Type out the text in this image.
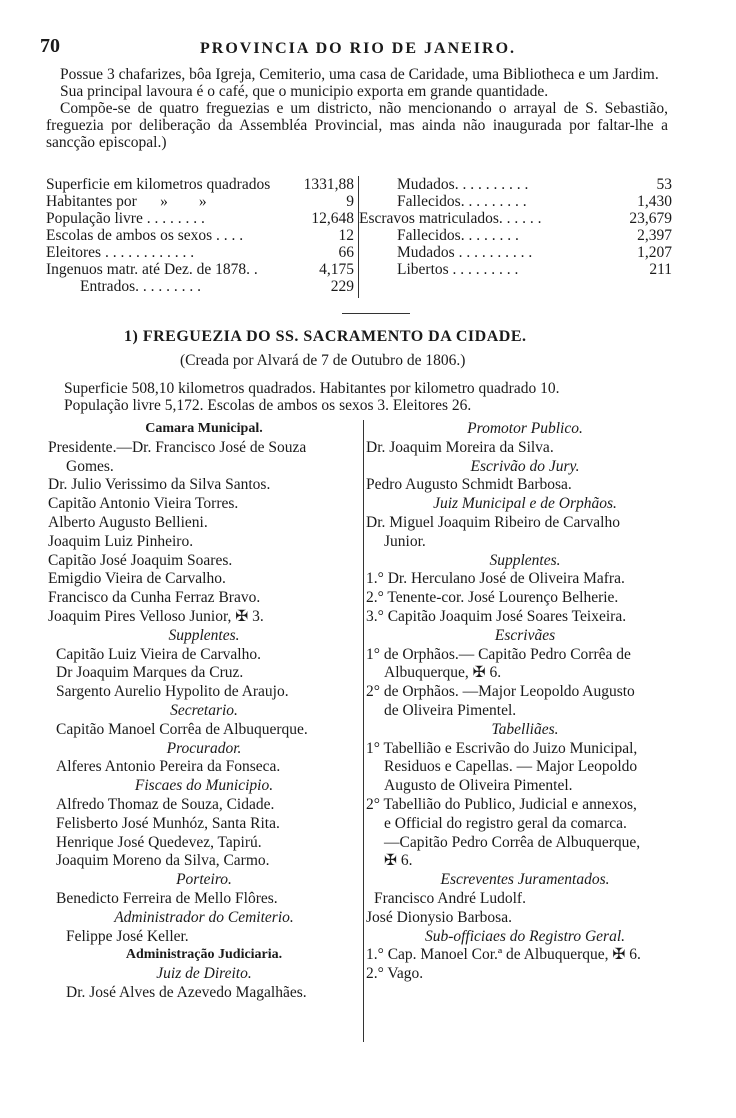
70	PROVINCIA DO RIO DE JANEIRO.

Possue 3 chafarizes, bôa Igreja, Cemiterio, uma casa de Caridade, uma Bibliotheca e um Jardim.

Sua principal lavoura é o café, que o municipio exporta em grande quantidade.

Compõe-se de quatro freguezias e um districto, não mencionando o arrayal de S. Sebastião, freguezia por deliberação da Assembléa Provincial, mas ainda não inaugurada por faltar-lhe a sancção episcopal.)

Superficie em kilometros quadrados 1331,88
Habitantes por      »        »	9
População livre . . . . . . . .	12,648
Escolas de ambos os sexos . . . .	12
Eleitores . . . . . . . . . . . .	66
Ingenuos matr. até Dez. de 1878. .	4,175
Entrados. . . . . . . . .	229
Mudados. . . . . . . . . .	53
Fallecidos. . . . . . . . .	1,430
Escravos matriculados. . . . . .	23,679
Fallecidos. . . . . . . .	2,397
Mudados . . . . . . . . . .	1,207
Libertos . . . . . . . . .	211
1) FREGUEZIA DO SS. SACRAMENTO DA CIDADE.
(Creada por Alvará de 7 de Outubro de 1806.)

Superficie 508,10 kilometros quadrados. Habitantes por kilometro quadrado 10.

População livre 5,172. Escolas de ambos os sexos 3. Eleitores 26.

Camara Municipal.
Presidente.—Dr. Francisco José de Souza
Gomes.
Dr. Julio Verissimo da Silva Santos.
Capitão Antonio Vieira Torres.
Alberto Augusto Bellieni.
Joaquim Luiz Pinheiro.
Capitão José Joaquim Soares.
Emigdio Vieira de Carvalho.
Francisco da Cunha Ferraz Bravo.
Joaquim Pires Velloso Junior, ✠ 3.
Supplentes.
Capitão Luiz Vieira de Carvalho.
Dr Joaquim Marques da Cruz.
Sargento Aurelio Hypolito de Araujo.
Secretario.
Capitão Manoel Corrêa de Albuquerque.
Procurador.
Alferes Antonio Pereira da Fonseca.
Fiscaes do Municipio.
Alfredo Thomaz de Souza, Cidade.
Felisberto José Munhóz, Santa Rita.
Henrique José Quedevez, Tapirú.
Joaquim Moreno da Silva, Carmo.
Porteiro.
Benedicto Ferreira de Mello Flôres.
Administrador do Cemiterio.
Felippe José Keller.
Administração Judiciaria.
Juiz de Direito.
Dr. José Alves de Azevedo Magalhães.
Promotor Publico.
Dr. Joaquim Moreira da Silva.
Escrivão do Jury.
Pedro Augusto Schmidt Barbosa.
Juiz Municipal e de Orphãos.
Dr. Miguel Joaquim Ribeiro de Carvalho
Junior.
Supplentes.
1.° Dr. Herculano José de Oliveira Mafra.
2.° Tenente-cor. José Lourenço Belherie.
3.° Capitão Joaquim José Soares Teixeira.
Escrivães
1° de Orphãos.— Capitão Pedro Corrêa de
Albuquerque, ✠ 6.
2° de Orphãos. —Major Leopoldo Augusto
de Oliveira Pimentel.
Tabelliães.
1° Tabellião e Escrivão do Juizo Municipal,
Residuos e Capellas. — Major Leopoldo
Augusto de Oliveira Pimentel.
2° Tabellião do Publico, Judicial e annexos,
e Official do registro geral da comarca.
—Capitão Pedro Corrêa de Albuquerque,
✠ 6.
Escreventes Juramentados.
Francisco André Ludolf.
José Dionysio Barbosa.
Sub-officiaes do Registro Geral.
1.° Cap. Manoel Cor.ª de Albuquerque, ✠ 6.
2.° Vago.
